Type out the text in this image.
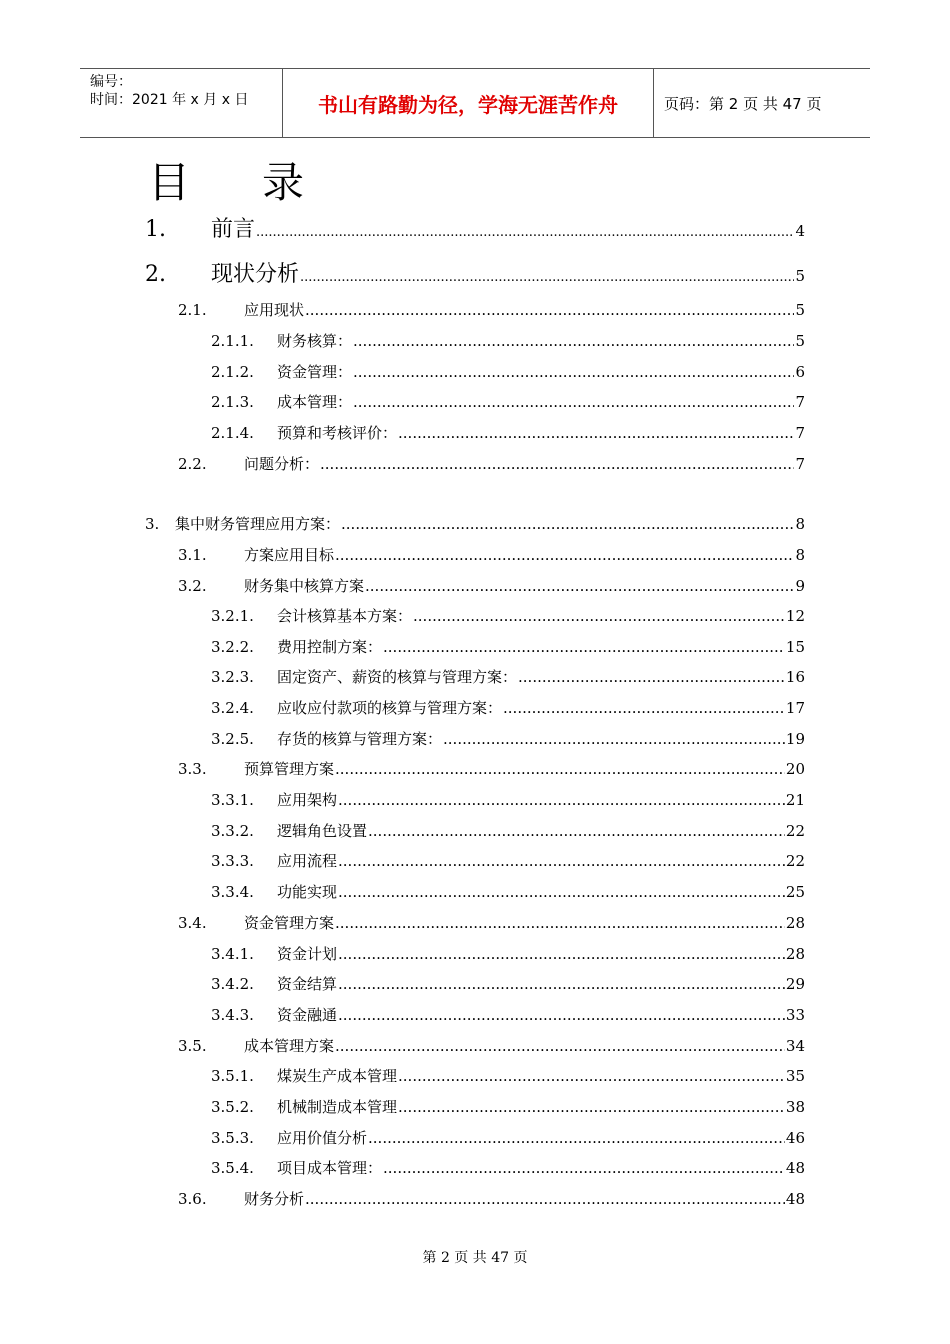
编号：
时间：2021 年 x 月 x 日	书山有路勤为径，学海无涯苦作舟	页码：第 2 页 共 47 页
目 录
1.	前言 .....	4
2.	现状分析 .....	5
2.1.	应用现状 .....	5
2.1.1.	财务核算： .....	5
2.1.2.	资金管理： .....	6
2.1.3.	成本管理： .....	7
2.1.4.	预算和考核评价： .....	7
2.2.	问题分析： .....	7
3.	集中财务管理应用方案： .....	8
3.1.	方案应用目标 .....	8
3.2.	财务集中核算方案 .....	9
3.2.1.	会计核算基本方案： .....	12
3.2.2.	费用控制方案： .....	15
3.2.3.	固定资产、薪资的核算与管理方案： .....	16
3.2.4.	应收应付款项的核算与管理方案： .....	17
3.2.5.	存货的核算与管理方案： .....	19
3.3.	预算管理方案 .....	20
3.3.1.	应用架构 .....	21
3.3.2.	逻辑角色设置 .....	22
3.3.3.	应用流程 .....	22
3.3.4.	功能实现 .....	25
3.4.	资金管理方案 .....	28
3.4.1.	资金计划 .....	28
3.4.2.	资金结算 .....	29
3.4.3.	资金融通 .....	33
3.5.	成本管理方案 .....	34
3.5.1.	煤炭生产成本管理 .....	35
3.5.2.	机械制造成本管理 .....	38
3.5.3.	应用价值分析 .....	46
3.5.4.	项目成本管理： .....	48
3.6.	财务分析 .....	48
第 2 页 共 47 页
